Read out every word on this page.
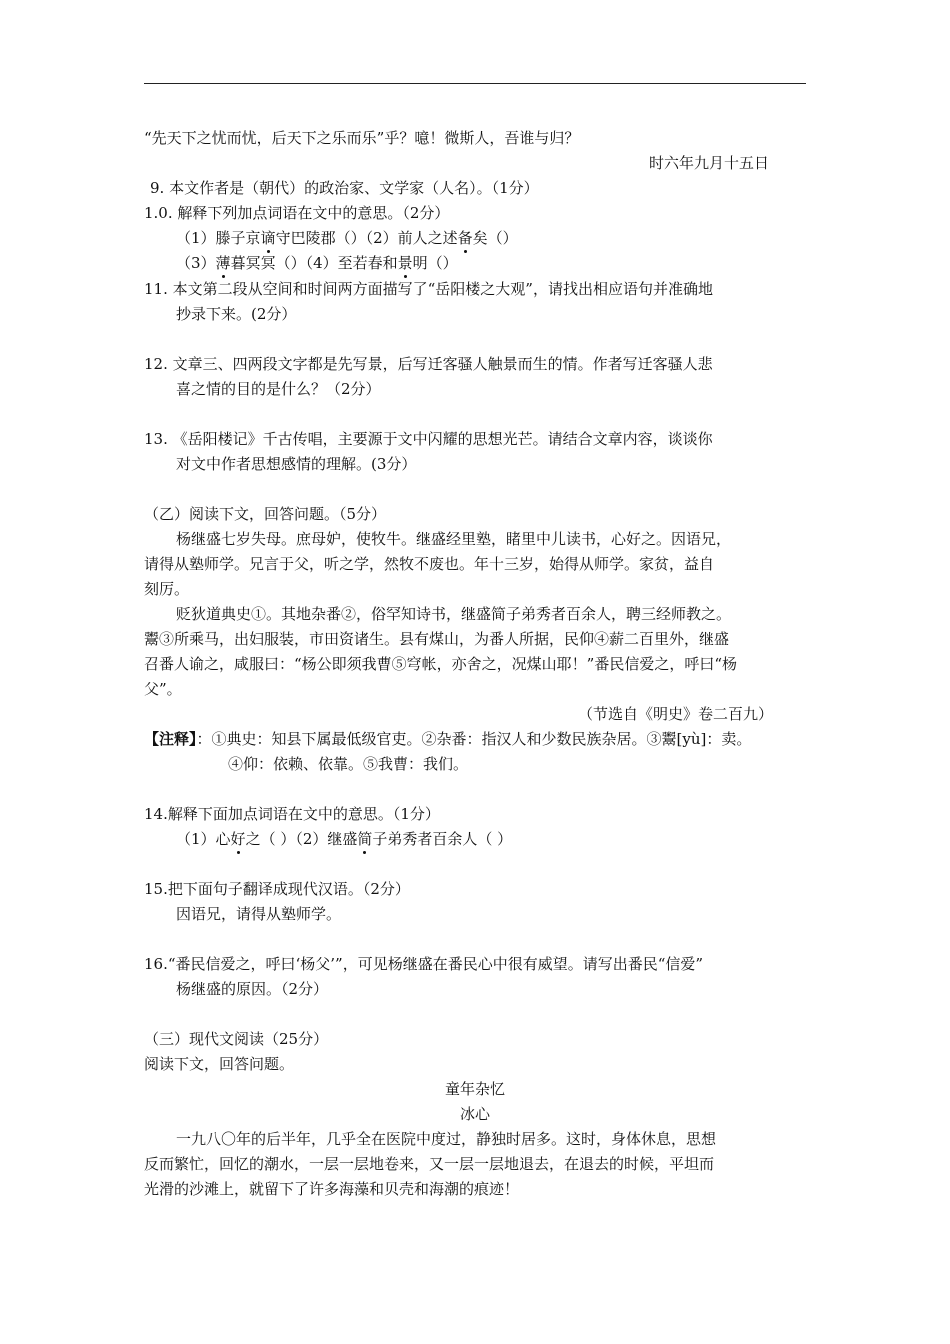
“先天下之忧而忧，后天下之乐而乐”乎？噫！微斯人，吾谁与归？
时六年九月十五日
9. 本文作者是（朝代）的政治家、文学家（人名）。（1分）
1.0. 解释下列加点词语在文中的意思。（2分）
（1）滕子京谪守巴陵郡（）（2）前人之述备矣（）
（3）薄暮冥冥（）（4）至若春和景明（）
11. 本文第二段从空间和时间两方面描写了“岳阳楼之大观”，请找出相应语句并准确地
抄录下来。(2分）
12. 文章三、四两段文字都是先写景，后写迁客骚人触景而生的情。作者写迁客骚人悲
喜之情的目的是什么？（2分）
13. 《岳阳楼记》千古传唱，主要源于文中闪耀的思想光芒。请结合文章内容，谈谈你
对文中作者思想感情的理解。(3分）
（乙）阅读下文，回答问题。（5分）
杨继盛七岁失母。庶母妒，使牧牛。继盛经里塾，睹里中儿读书，心好之。因语兄，
请得从塾师学。兄言于父，听之学，然牧不废也。年十三岁，始得从师学。家贫，益自
刻厉。
贬狄道典史①。其地杂番②，俗罕知诗书，继盛简子弟秀者百余人，聘三经师教之。
鬻③所乘马，出妇服装，市田资诸生。县有煤山，为番人所据，民仰④薪二百里外，继盛
召番人谕之，咸服曰：“杨公即须我曹⑤穹帐，亦舍之，况煤山耶！”番民信爱之，呼曰“杨
父”。
（节选自《明史》卷二百九）
【注释】：①典史：知县下属最低级官吏。②杂番：指汉人和少数民族杂居。③鬻[yù]：卖。
④仰：依赖、依靠。⑤我曹：我们。
14.解释下面加点词语在文中的意思。（1分）
（1）心好之（ ）（2）继盛简子弟秀者百余人（ ）
15.把下面句子翻译成现代汉语。（2分）
因语兄，请得从塾师学。
16.“番民信爱之，呼曰‘杨父’”，可见杨继盛在番民心中很有威望。请写出番民“信爱”
杨继盛的原因。（2分）
（三）现代文阅读（25分）
阅读下文，回答问题。
童年杂忆
冰心
一九八〇年的后半年，几乎全在医院中度过，静独时居多。这时，身体休息，思想
反而繁忙，回忆的潮水，一层一层地卷来，又一层一层地退去，在退去的时候，平坦而
光滑的沙滩上，就留下了许多海藻和贝壳和海潮的痕迹！
